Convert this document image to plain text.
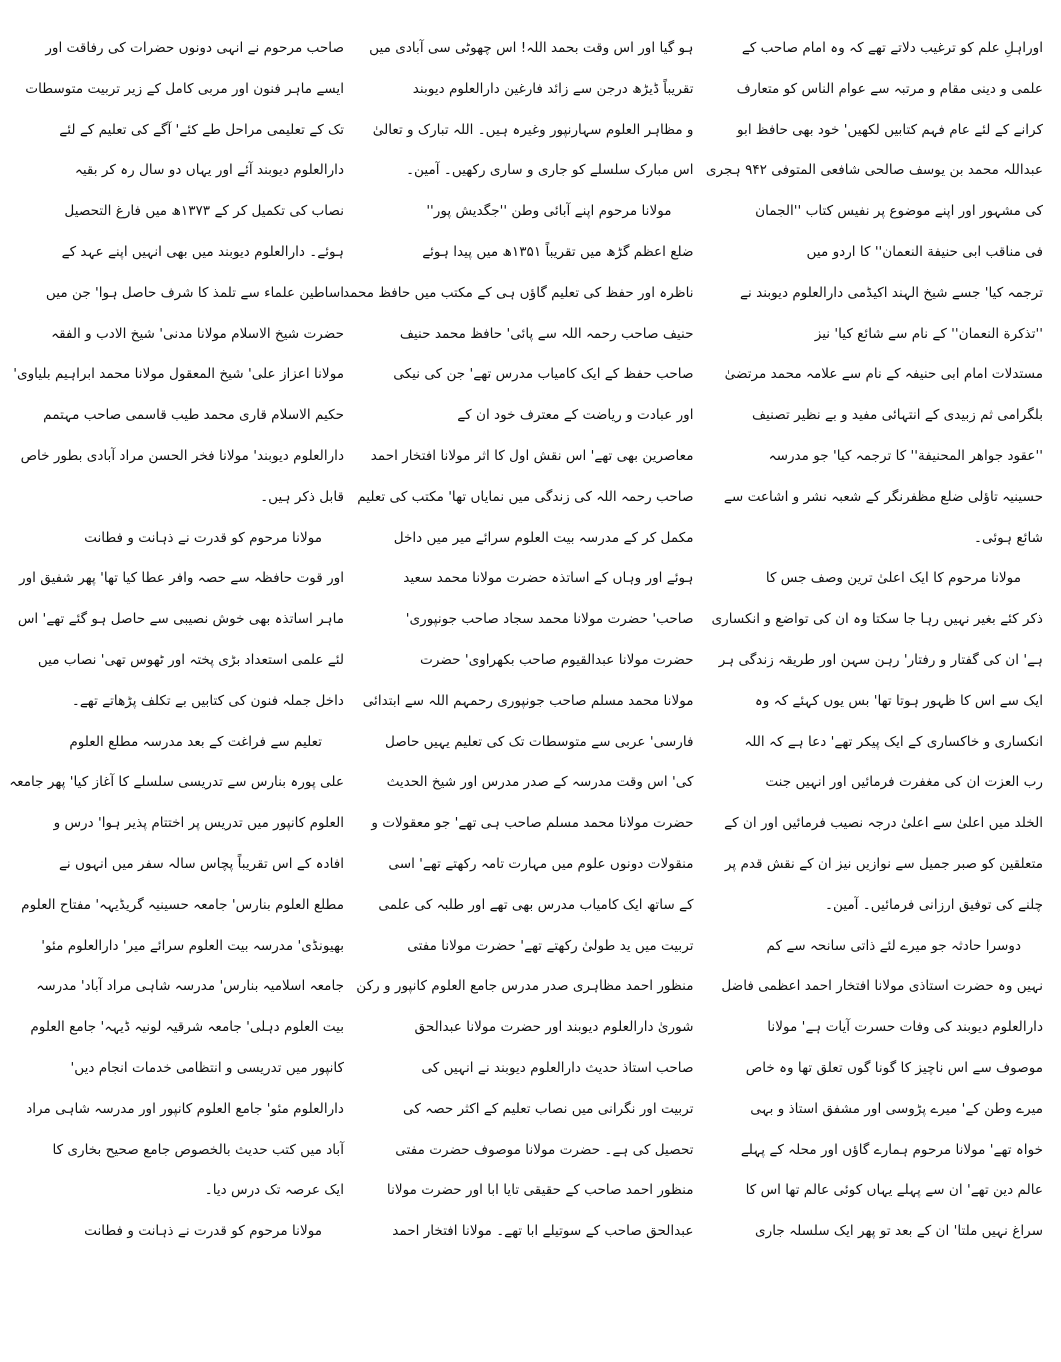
اوراہلِ علم کو ترغیب دلاتے تھے کہ وہ امام صاحب کے
علمی و دینی مقام و مرتبہ سے عوام الناس کو متعارف
کرانے کے لئے عام فہم کتابیں لکھیں' خود بھی حافظ ابو
عبداللہ محمد بن یوسف صالحی شافعی المتوفی ۹۴۲ ہجری
کی مشہور اور اپنے موضوع پر نفیس کتاب ''الجمان
فی مناقب ابی حنیفة النعمان'' کا اردو میں
ترجمہ کیا' جسے شیخ الہند اکیڈمی دارالعلوم دیوبند نے
''تذکرة النعمان'' کے نام سے شائع کیا' نیز
مستدلات امام ابی حنیفہ کے نام سے علامہ محمد مرتضیٰ
بلگرامی ثم زبیدی کے انتہائی مفید و بے نظیر تصنیف
''عقود جواهر المحنیفة'' کا ترجمہ کیا' جو مدرسہ
حسینیہ تاؤلی ضلع مظفرنگر کے شعبہ نشر و اشاعت سے
شائع ہوئی۔
مولانا مرحوم کا ایک اعلیٰ ترین وصف جس کا
ذکر کئے بغیر نہیں رہا جا سکتا وہ ان کی تواضع و انکساری
ہے' ان کی گفتار و رفتار' رہن سہن اور طریقہ زندگی ہر
ایک سے اس کا ظہور ہوتا تھا' بس یوں کہئے کہ وہ
انکساری و خاکساری کے ایک پیکر تھے' دعا ہے کہ اللہ
رب العزت ان کی مغفرت فرمائیں اور انہیں جنت
الخلد میں اعلیٰ سے اعلیٰ درجہ نصیب فرمائیں اور ان کے
متعلقین کو صبر جمیل سے نوازیں نیز ان کے نقش قدم پر
چلنے کی توفیق ارزانی فرمائیں۔ آمین۔
دوسرا حادثہ جو میرے لئے ذاتی سانحہ سے کم
نہیں وہ حضرت استاذی مولانا افتخار احمد اعظمی فاضل
دارالعلوم دیوبند کی وفات حسرت آیات ہے' مولانا
موصوف سے اس ناچیز کا گونا گوں تعلق تھا وہ خاص
میرے وطن کے' میرے پڑوسی اور مشفق استاذ و بہی
خواہ تھے' مولانا مرحوم ہمارے گاؤں اور محلہ کے پہلے
عالم دین تھے' ان سے پہلے یہاں کوئی عالم تھا اس کا
سراغ نہیں ملتا' ان کے بعد تو پھر ایک سلسلہ جاری
ہو گیا اور اس وقت بحمد اللہ! اس چھوٹی سی آبادی میں
تقریباً ڈیڑھ درجن سے زائد فارغین دارالعلوم دیوبند
و مظاہر العلوم سہارنپور وغیرہ ہیں۔ اللہ تبارک و تعالیٰ
اس مبارک سلسلے کو جاری و ساری رکھیں۔ آمین۔
مولانا مرحوم اپنے آبائی وطن ''جگدیش پور''
ضلع اعظم گڑھ میں تقریباً ۱۳۵۱ھ میں پیدا ہوئے
ناظرہ اور حفظ کی تعلیم گاؤں ہی کے مکتب میں حافظ محمد
حنیف صاحب رحمہ اللہ سے پائی' حافظ محمد حنیف
صاحب حفظ کے ایک کامیاب مدرس تھے' جن کی نیکی
اور عبادت و ریاضت کے معترف خود ان کے
معاصرین بھی تھے' اس نقش اول کا اثر مولانا افتخار احمد
صاحب رحمہ اللہ کی زندگی میں نمایاں تھا' مکتب کی تعلیم
مکمل کر کے مدرسہ بیت العلوم سرائے میر میں داخل
ہوئے اور وہاں کے اساتذہ حضرت مولانا محمد سعید
صاحب' حضرت مولانا محمد سجاد صاحب جونپوری'
حضرت مولانا عبدالقیوم صاحب بکھراوی' حضرت
مولانا محمد مسلم صاحب جونپوری رحمہم اللہ سے ابتدائی
فارسی' عربی سے متوسطات تک کی تعلیم یہیں حاصل
کی' اس وقت مدرسہ کے صدر مدرس اور شیخ الحدیث
حضرت مولانا محمد مسلم صاحب ہی تھے' جو معقولات و
منقولات دونوں علوم میں مہارت تامہ رکھتے تھے' اسی
کے ساتھ ایک کامیاب مدرس بھی تھے اور طلبہ کی علمی
تربیت میں ید طولیٰ رکھتے تھے' حضرت مولانا مفتی
منظور احمد مظاہری صدر مدرس جامع العلوم کانپور و رکن
شوریٰ دارالعلوم دیوبند اور حضرت مولانا عبدالحق
صاحب استاذ حدیث دارالعلوم دیوبند نے انہیں کی
تربیت اور نگرانی میں نصاب تعلیم کے اکثر حصہ کی
تحصیل کی ہے۔ حضرت مولانا موصوف حضرت مفتی
منظور احمد صاحب کے حقیقی تایا ابا اور حضرت مولانا
عبدالحق صاحب کے سوتیلے ابا تھے۔ مولانا افتخار احمد
صاحب مرحوم نے انہی دونوں حضرات کی رفاقت اور
ایسے ماہر فنون اور مربی کامل کے زیر تربیت متوسطات
تک کے تعلیمی مراحل طے کئے' آگے کی تعلیم کے لئے
دارالعلوم دیوبند آئے اور یہاں دو سال رہ کر بقیہ
نصاب کی تکمیل کر کے ۱۳۷۳ھ میں فارغ التحصیل
ہوئے۔ دارالعلوم دیوبند میں بھی انہیں اپنے عہد کے
اساطین علماء سے تلمذ کا شرف حاصل ہوا' جن میں
حضرت شیخ الاسلام مولانا مدنی' شیخ الادب و الفقہ
مولانا اعزاز علی' شیخ المعقول مولانا محمد ابراہیم بلیاوی'
حکیم الاسلام قاری محمد طیب قاسمی صاحب مہتمم
دارالعلوم دیوبند' مولانا فخر الحسن مراد آبادی بطور خاص
قابل ذکر ہیں۔
مولانا مرحوم کو قدرت نے ذہانت و فطانت
اور قوت حافظہ سے حصہ وافر عطا کیا تھا' پھر شفیق اور
ماہر اساتذہ بھی خوش نصیبی سے حاصل ہو گئے تھے' اس
لئے علمی استعداد بڑی پختہ اور ٹھوس تھی' نصاب میں
داخل جملہ فنون کی کتابیں بے تکلف پڑھاتے تھے۔
تعلیم سے فراغت کے بعد مدرسہ مطلع العلوم
علی پورہ بنارس سے تدریسی سلسلے کا آغاز کیا' پھر جامعہ
العلوم کانپور میں تدریس پر اختتام پذیر ہوا' درس و
افادہ کے اس تقریباً پچاس سالہ سفر میں انہوں نے
مطلع العلوم بنارس' جامعہ حسینیہ گریڈیہہ' مفتاح العلوم
بھیونڈی' مدرسہ بیت العلوم سرائے میر' دارالعلوم مئو'
جامعہ اسلامیہ بنارس' مدرسہ شاہی مراد آباد' مدرسہ
بیت العلوم دہلی' جامعہ شرقیہ لونیہ ڈیہہ' جامع العلوم
کانپور میں تدریسی و انتظامی خدمات انجام دیں'
دارالعلوم مئو' جامع العلوم کانپور اور مدرسہ شاہی مراد
آباد میں کتب حدیث بالخصوص جامع صحیح بخاری کا
ایک عرصہ تک درس دیا۔
مولانا مرحوم کو قدرت نے ذہانت و فطانت
